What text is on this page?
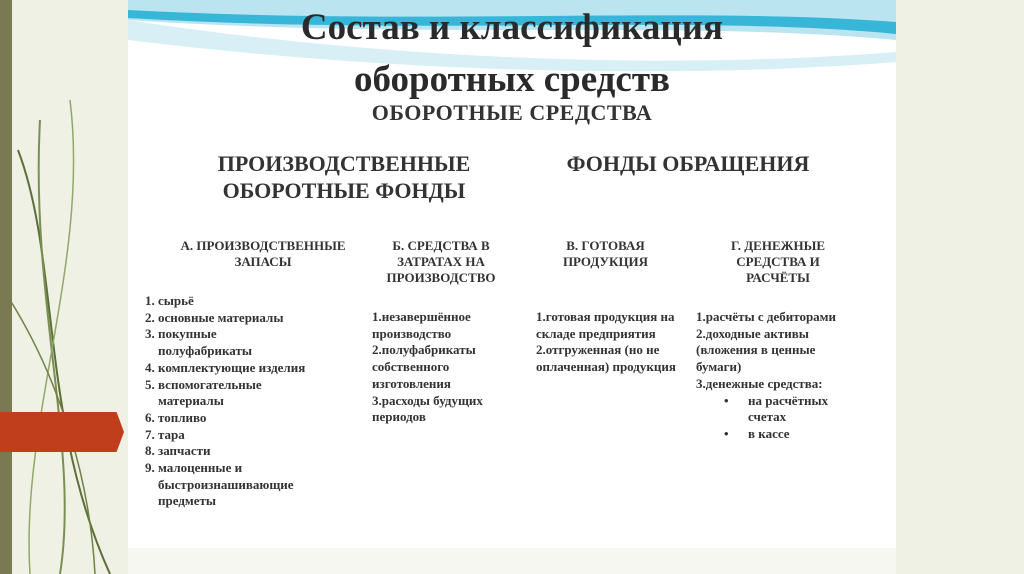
Состав и классификация
оборотных средств
ОБОРОТНЫЕ СРЕДСТВА
ПРОИЗВОДСТВЕННЫЕ
ОБОРОТНЫЕ ФОНДЫ
ФОНДЫ ОБРАЩЕНИЯ
А. ПРОИЗВОДСТВЕННЫЕ
ЗАПАСЫ
1. сырьё
2. основные материалы
3. покупные полуфабрикаты
4. комплектующие изделия
5. вспомогательные материалы
6. топливо
7. тара
8. запчасти
9. малоценные и быстроизнашивающие предметы
Б. СРЕДСТВА В
ЗАТРАТАХ НА
ПРОИЗВОДСТВО
1.незавершённое производство
2.полуфабрикаты собственного изготовления
3.расходы будущих периодов
В. ГОТОВАЯ
ПРОДУКЦИЯ
1.готовая продукция на складе предприятия
2.отгруженная (но не оплаченная) продукция
Г. ДЕНЕЖНЫЕ
СРЕДСТВА И
РАСЧЁТЫ
1.расчёты с дебиторами
2.доходные активы (вложения в ценные бумаги)
3.денежные средства:
• на расчётных счетах
• в кассе
